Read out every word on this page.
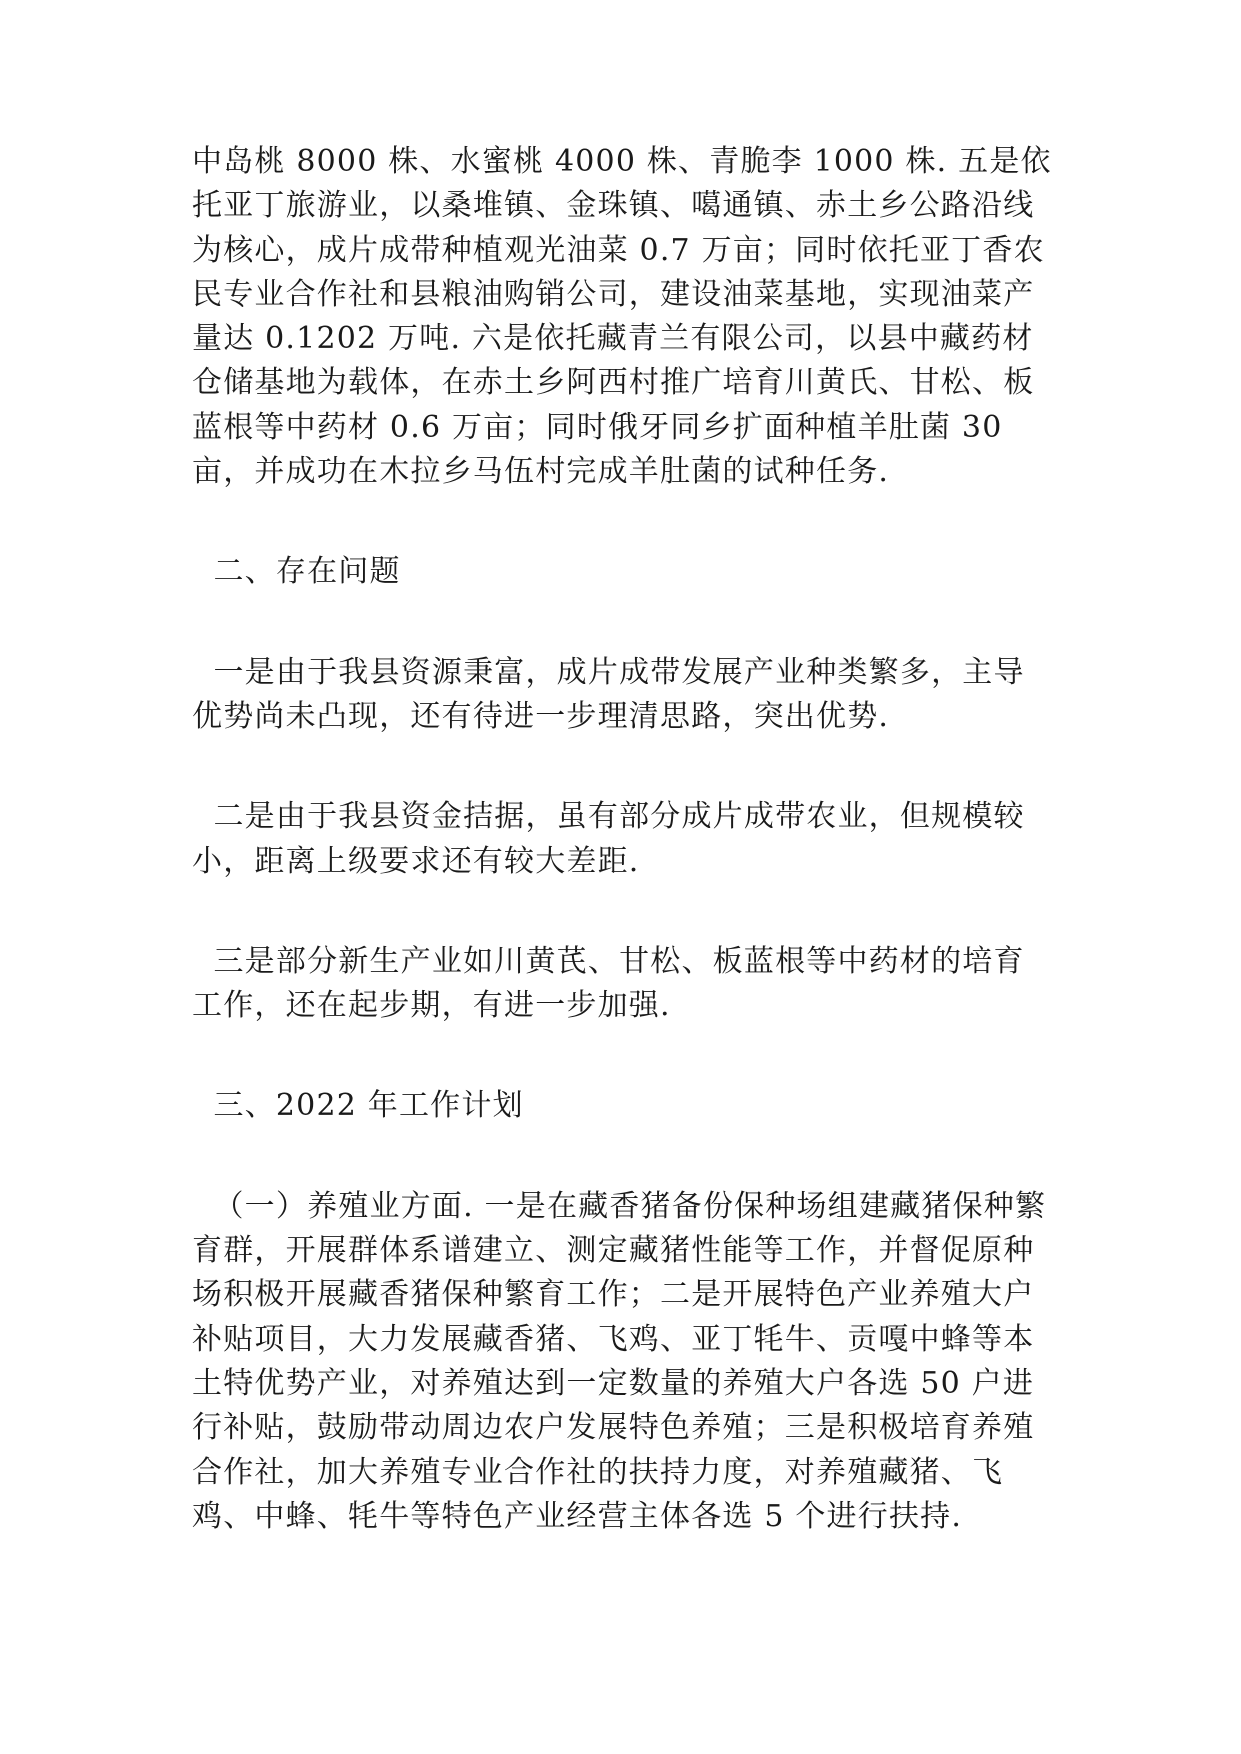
中岛桃 8000 株、水蜜桃 4000 株、青脆李 1000 株. 五是依托亚丁旅游业，以桑堆镇、金珠镇、噶通镇、赤土乡公路沿线为核心，成片成带种植观光油菜 0.7 万亩；同时依托亚丁香农民专业合作社和县粮油购销公司，建设油菜基地，实现油菜产量达 0.1202 万吨. 六是依托藏青兰有限公司，以县中藏药材仓储基地为载体，在赤土乡阿西村推广培育川黄氏、甘松、板蓝根等中药材 0.6 万亩；同时俄牙同乡扩面种植羊肚菌 30 亩，并成功在木拉乡马伍村完成羊肚菌的试种任务.

二、存在问题

一是由于我县资源秉富，成片成带发展产业种类繁多，主导优势尚未凸现，还有待进一步理清思路，突出优势.

二是由于我县资金拮据，虽有部分成片成带农业，但规模较小，距离上级要求还有较大差距.

三是部分新生产业如川黄芪、甘松、板蓝根等中药材的培育工作，还在起步期，有进一步加强.

三、2022 年工作计划

（一）养殖业方面. 一是在藏香猪备份保种场组建藏猪保种繁育群，开展群体系谱建立、测定藏猪性能等工作，并督促原种场积极开展藏香猪保种繁育工作；二是开展特色产业养殖大户补贴项目，大力发展藏香猪、飞鸡、亚丁牦牛、贡嘎中蜂等本土特优势产业，对养殖达到一定数量的养殖大户各选 50 户进行补贴，鼓励带动周边农户发展特色养殖；三是积极培育养殖合作社，加大养殖专业合作社的扶持力度，对养殖藏猪、飞鸡、中蜂、牦牛等特色产业经营主体各选 5 个进行扶持.
